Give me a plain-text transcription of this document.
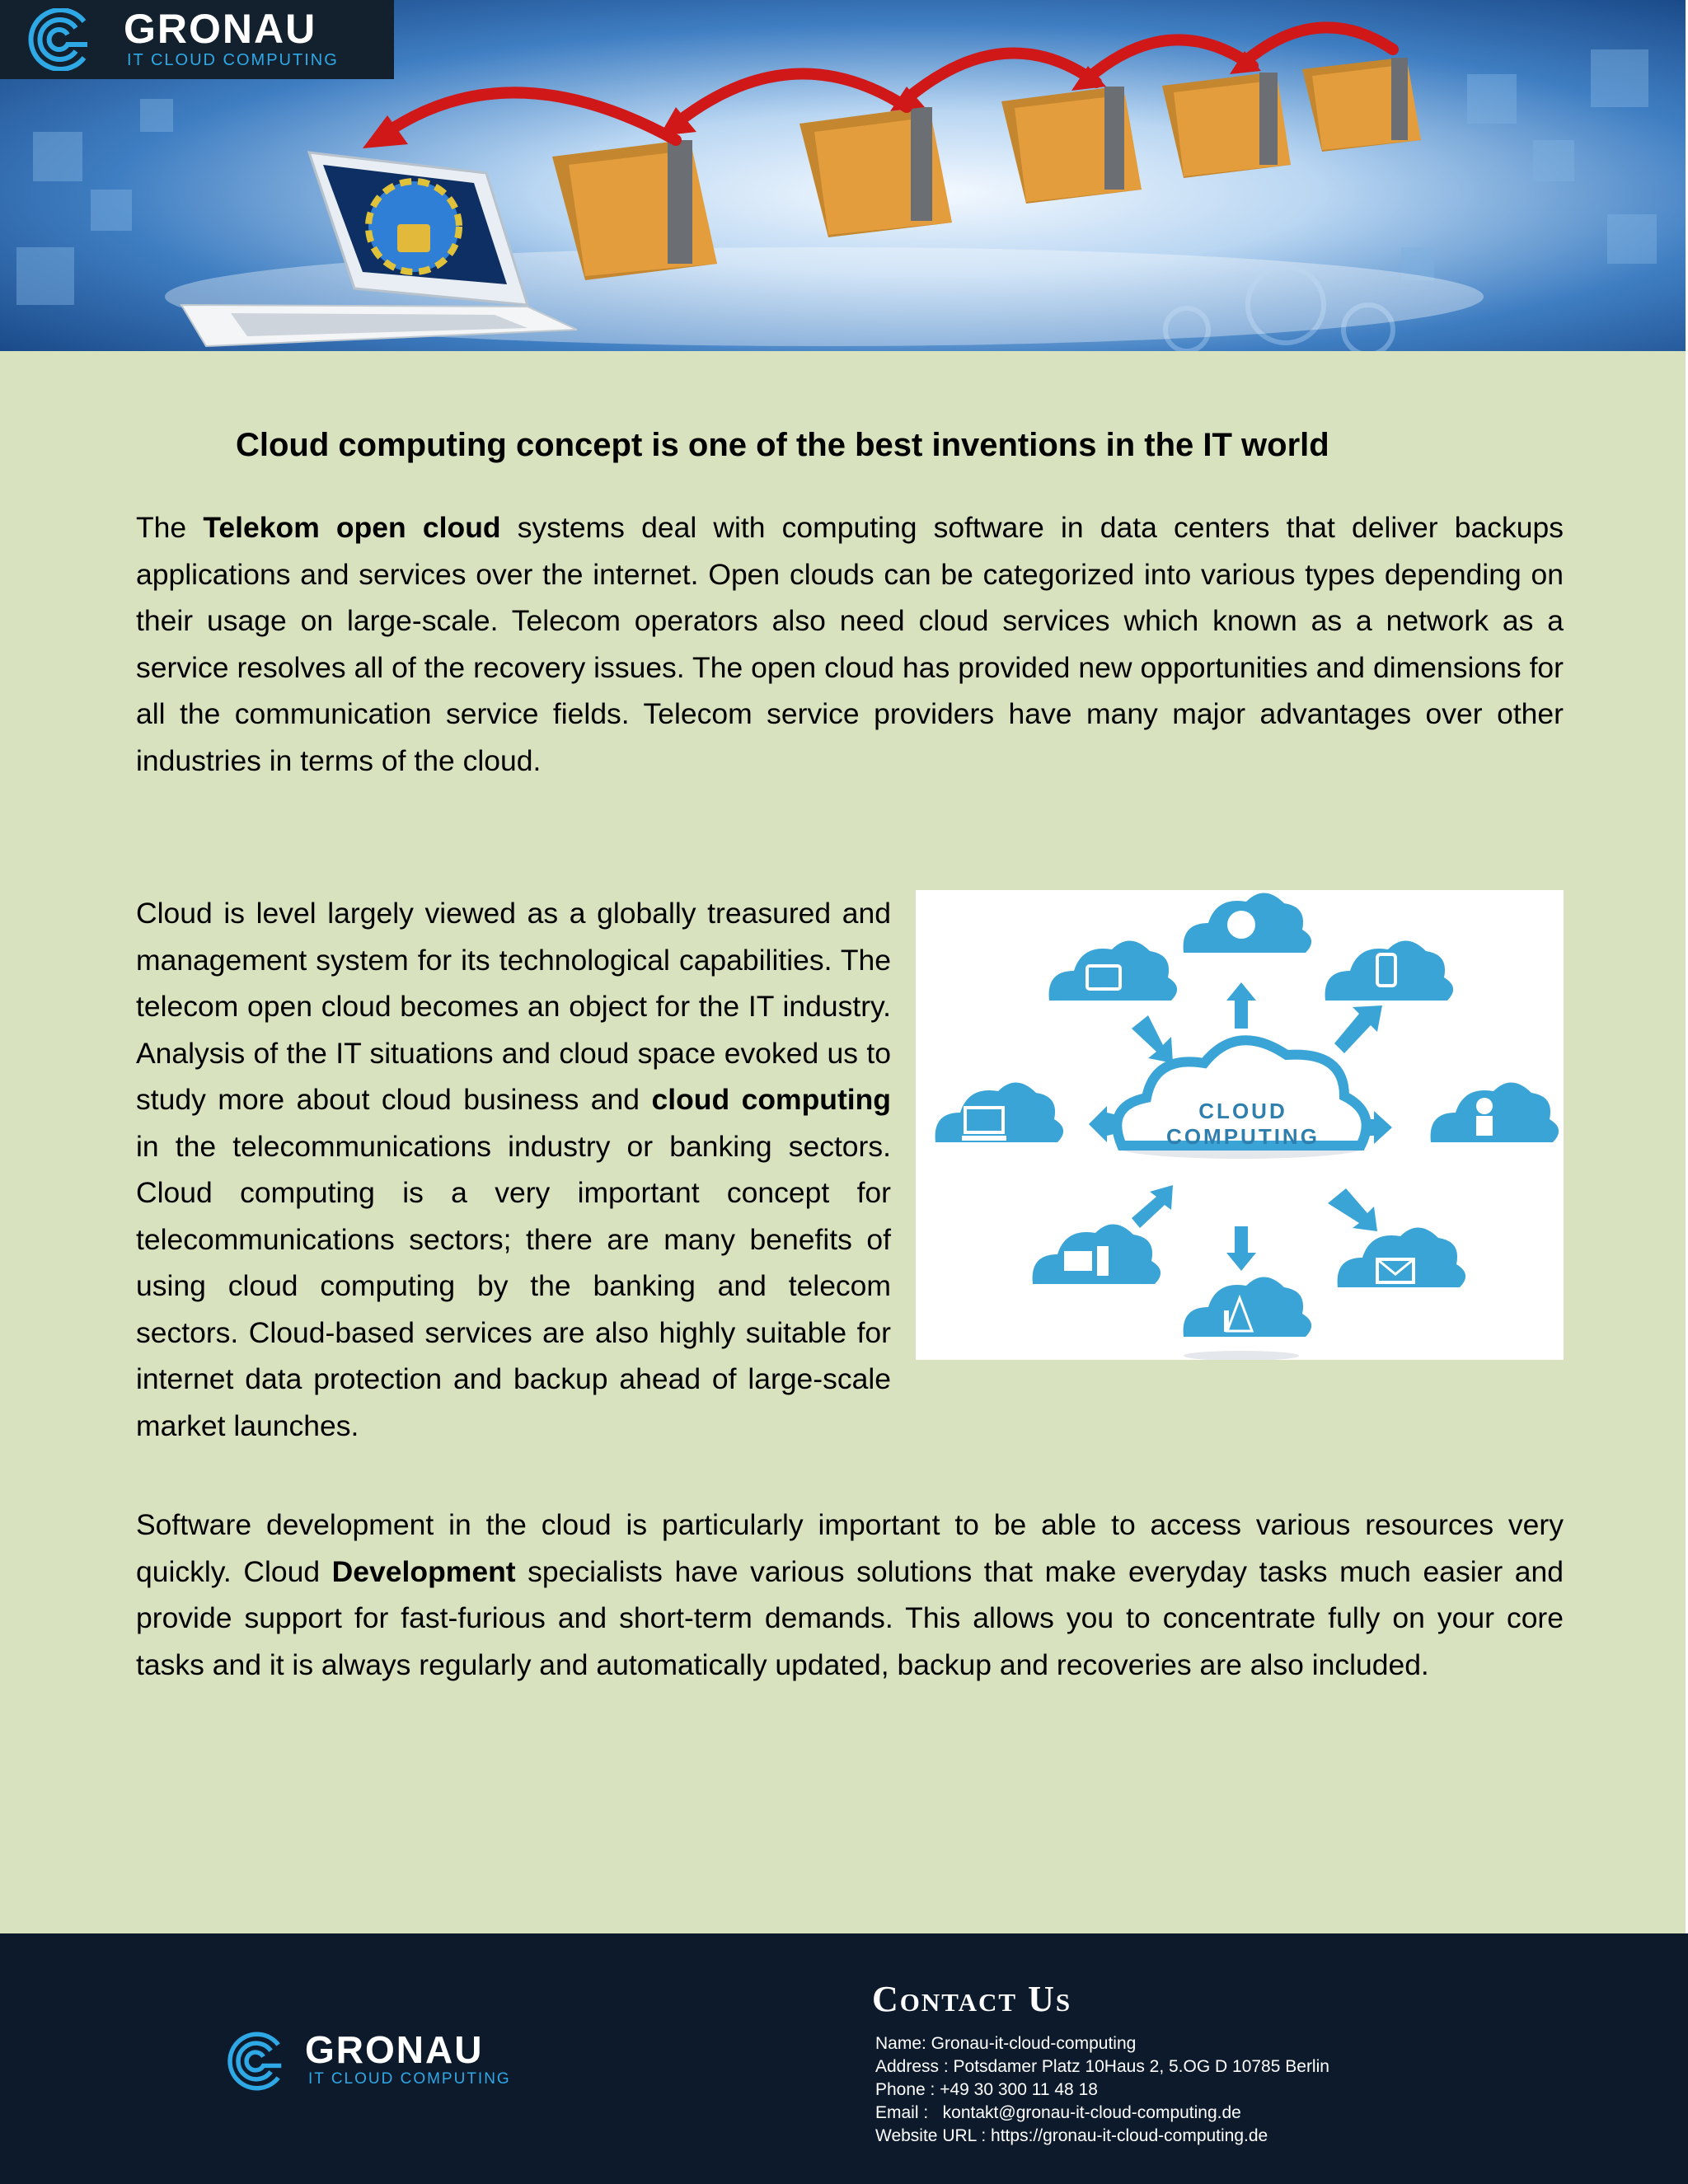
GRONAU
IT CLOUD COMPUTING
Cloud computing concept is one of the best inventions in the IT world

The Telekom open cloud systems deal with computing software in data centers that deliver backups applications and services over the internet. Open clouds can be categorized into various types depending on their usage on large-scale. Telecom operators also need cloud services which known as a network as a service resolves all of the recovery issues. The open cloud has provided new opportunities and dimensions for all the communication service fields. Telecom service providers have many major advantages over other industries in terms of the cloud.

CLOUD
COMPUTING

Cloud is level largely viewed as a globally treasured and management system for its technological capabilities. The telecom open cloud becomes an object for the IT industry. Analysis of the IT situations and cloud space evoked us to study more about cloud business and cloud computing in the telecommunications industry or banking sectors. Cloud computing is a very important concept for telecommunications sectors; there are many benefits of using cloud computing by the banking and telecom sectors. Cloud-based services are also highly suitable for internet data protection and backup ahead of large-scale market launches.

Software development in the cloud is particularly important to be able to access various resources very quickly. Cloud Development specialists have various solutions that make everyday tasks much easier and provide support for fast-furious and short-term demands. This allows you to concentrate fully on your core tasks and it is always regularly and automatically updated, backup and recoveries are also included.

GRONAU
IT CLOUD COMPUTING
Contact Us
Name: Gronau-it-cloud-computing
Address : Potsdamer Platz 10Haus 2, 5.OG D 10785 Berlin
Phone : +49 30 300 11 48 18
Email :   kontakt@gronau-it-cloud-computing.de
Website URL : https://gronau-it-cloud-computing.de
